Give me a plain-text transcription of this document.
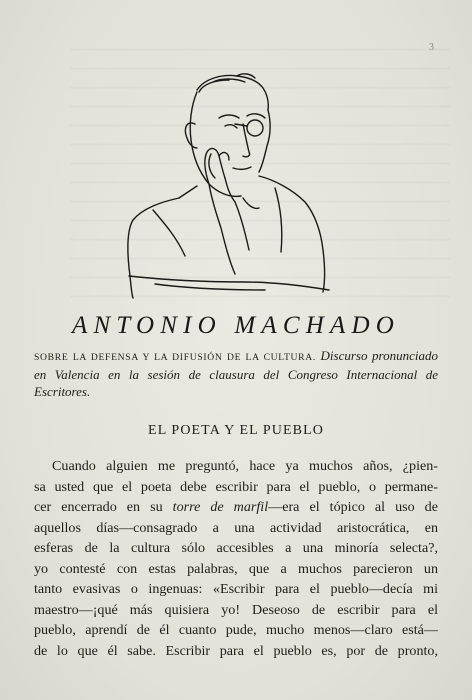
3
ANTONIO MACHADO
SOBRE LA DEFENSA Y LA DIFUSIÓN DE LA CULTURA. Discurso pronunciado en Valencia en la sesión de clausura del Congreso Internacional de Escritores.
EL POETA Y EL PUEBLO
Cuando alguien me preguntó, hace ya muchos años, ¿pien-
sa usted que el poeta debe escribir para el pueblo, o permane-
cer encerrado en su torre de marfil—era el tópico al uso de
aquellos días—consagrado a una actividad aristocrática, en
esferas de la cultura sólo accesibles a una minoría selecta?,
yo contesté con estas palabras, que a muchos parecieron un
tanto evasivas o ingenuas: «Escribir para el pueblo—decía mi
maestro—¡qué más quisiera yo! Deseoso de escribir para el
pueblo, aprendí de él cuanto pude, mucho menos—claro está—
de lo que él sabe. Escribir para el pueblo es, por de pronto,
